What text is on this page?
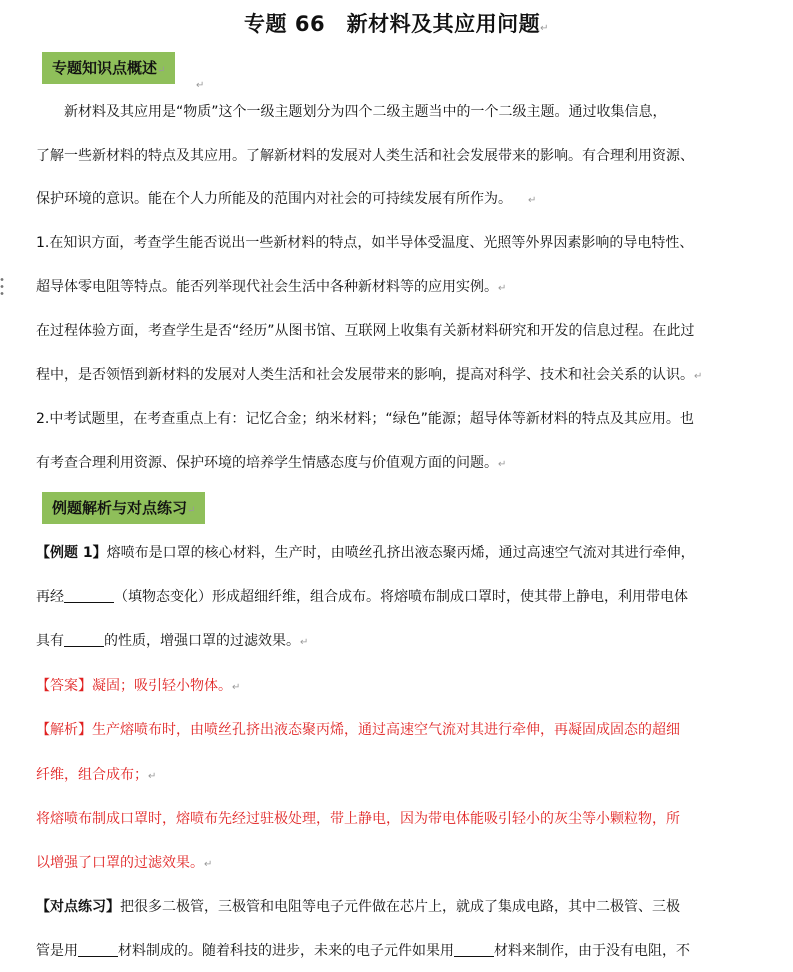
专题 66　新材料及其应用问题↵
专题知识点概述↵
↵
新材料及其应用是“物质”这个一级主题划分为四个二级主题当中的一个二级主题。通过收集信息，
了解一些新材料的特点及其应用。了解新材料的发展对人类生活和社会发展带来的影响。有合理利用资源、
保护环境的意识。能在个人力所能及的范围内对社会的可持续发展有所作为。 ↵
1.在知识方面，考查学生能否说出一些新材料的特点，如半导体受温度、光照等外界因素影响的导电特性、
超导体零电阻等特点。能否列举现代社会生活中各种新材料等的应用实例。↵
在过程体验方面，考查学生是否“经历”从图书馆、互联网上收集有关新材料研究和开发的信息过程。在此过
程中，是否领悟到新材料的发展对人类生活和社会发展带来的影响，提高对科学、技术和社会关系的认识。↵
2.中考试题里，在考查重点上有：记忆合金；纳米材料；“绿色”能源；超导体等新材料的特点及其应用。也
有考查合理利用资源、保护环境的培养学生情感态度与价值观方面的问题。↵
例题解析与对点练习↵
【例题 1】熔喷布是口罩的核心材料，生产时，由喷丝孔挤出液态聚丙烯，通过高速空气流对其进行牵伸，
再经	（填物态变化）形成超细纤维，组合成布。将熔喷布制成口罩时，使其带上静电，利用带电体
具有	的性质，增强口罩的过滤效果。↵
【答案】凝固；吸引轻小物体。↵
【解析】生产熔喷布时，由喷丝孔挤出液态聚丙烯，通过高速空气流对其进行牵伸，再凝固成固态的超细
纤维，组合成布；↵
将熔喷布制成口罩时，熔喷布先经过驻极处理，带上静电，因为带电体能吸引轻小的灰尘等小颗粒物，所
以增强了口罩的过滤效果。↵
【对点练习】把很多二极管，三极管和电阻等电子元件做在芯片上，就成了集成电路，其中二极管、三极
管是用	材料制成的。随着科技的进步，未来的电子元件如果用	材料来制作，由于没有电阻，不
